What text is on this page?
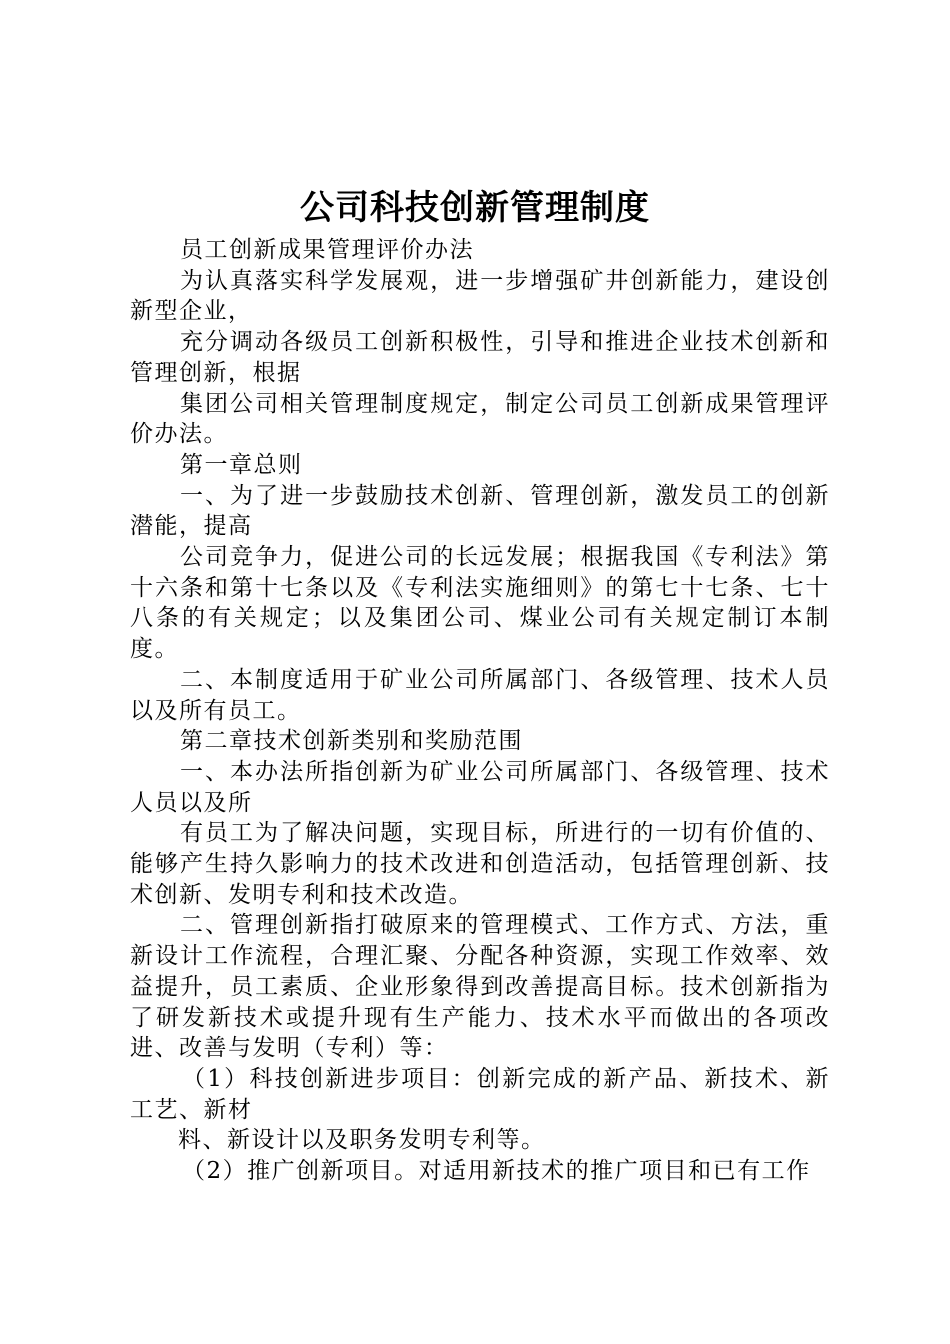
公司科技创新管理制度

员工创新成果管理评价办法

为认真落实科学发展观，进一步增强矿井创新能力，建设创新型企业，

充分调动各级员工创新积极性，引导和推进企业技术创新和管理创新，根据

集团公司相关管理制度规定，制定公司员工创新成果管理评价办法。

第一章总则

一、为了进一步鼓励技术创新、管理创新，激发员工的创新潜能，提高

公司竞争力，促进公司的长远发展；根据我国《专利法》第十六条和第十七条以及《专利法实施细则》的第七十七条、七十八条的有关规定；以及集团公司、煤业公司有关规定制订本制度。

二、本制度适用于矿业公司所属部门、各级管理、技术人员以及所有员工。

第二章技术创新类别和奖励范围

一、本办法所指创新为矿业公司所属部门、各级管理、技术人员以及所

有员工为了解决问题，实现目标，所进行的一切有价值的、能够产生持久影响力的技术改进和创造活动，包括管理创新、技术创新、发明专利和技术改造。

二、管理创新指打破原来的管理模式、工作方式、方法，重新设计工作流程，合理汇聚、分配各种资源，实现工作效率、效益提升，员工素质、企业形象得到改善提高目标。技术创新指为了研发新技术或提升现有生产能力、技术水平而做出的各项改进、改善与发明（专利）等：

（1）科技创新进步项目：创新完成的新产品、新技术、新工艺、新材

料、新设计以及职务发明专利等。

（2）推广创新项目。对适用新技术的推广项目和已有工作
